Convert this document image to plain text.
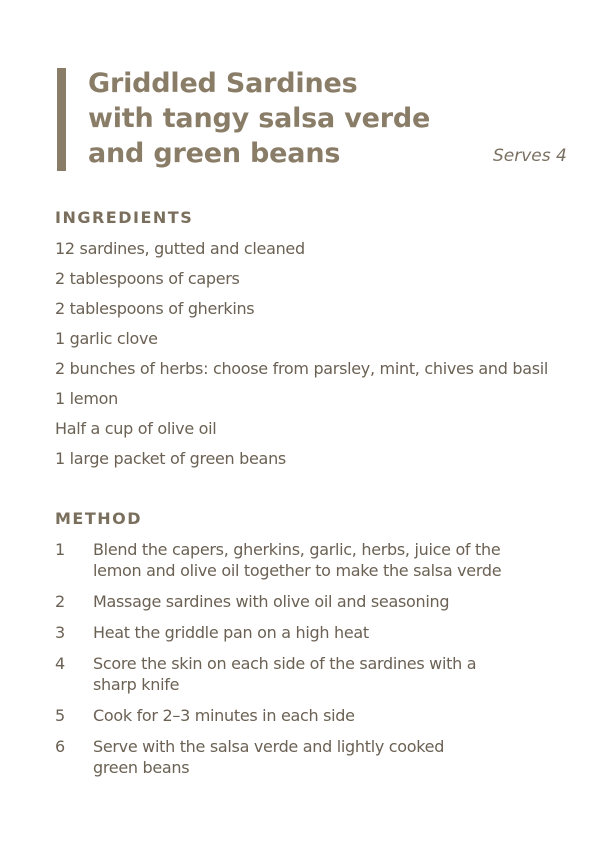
Griddled Sardines
with tangy salsa verde
and green beans	Serves 4
INGREDIENTS
12 sardines, gutted and cleaned
2 tablespoons of capers
2 tablespoons of gherkins
1 garlic clove
2 bunches of herbs: choose from parsley, mint, chives and basil
1 lemon
Half a cup of olive oil
1 large packet of green beans
METHOD
1 Blend the capers, gherkins, garlic, herbs, juice of the
lemon and olive oil together to make the salsa verde
2 Massage sardines with olive oil and seasoning
3 Heat the griddle pan on a high heat
4 Score the skin on each side of the sardines with a
sharp knife
5 Cook for 2–3 minutes in each side
6 Serve with the salsa verde and lightly cooked
green beans
